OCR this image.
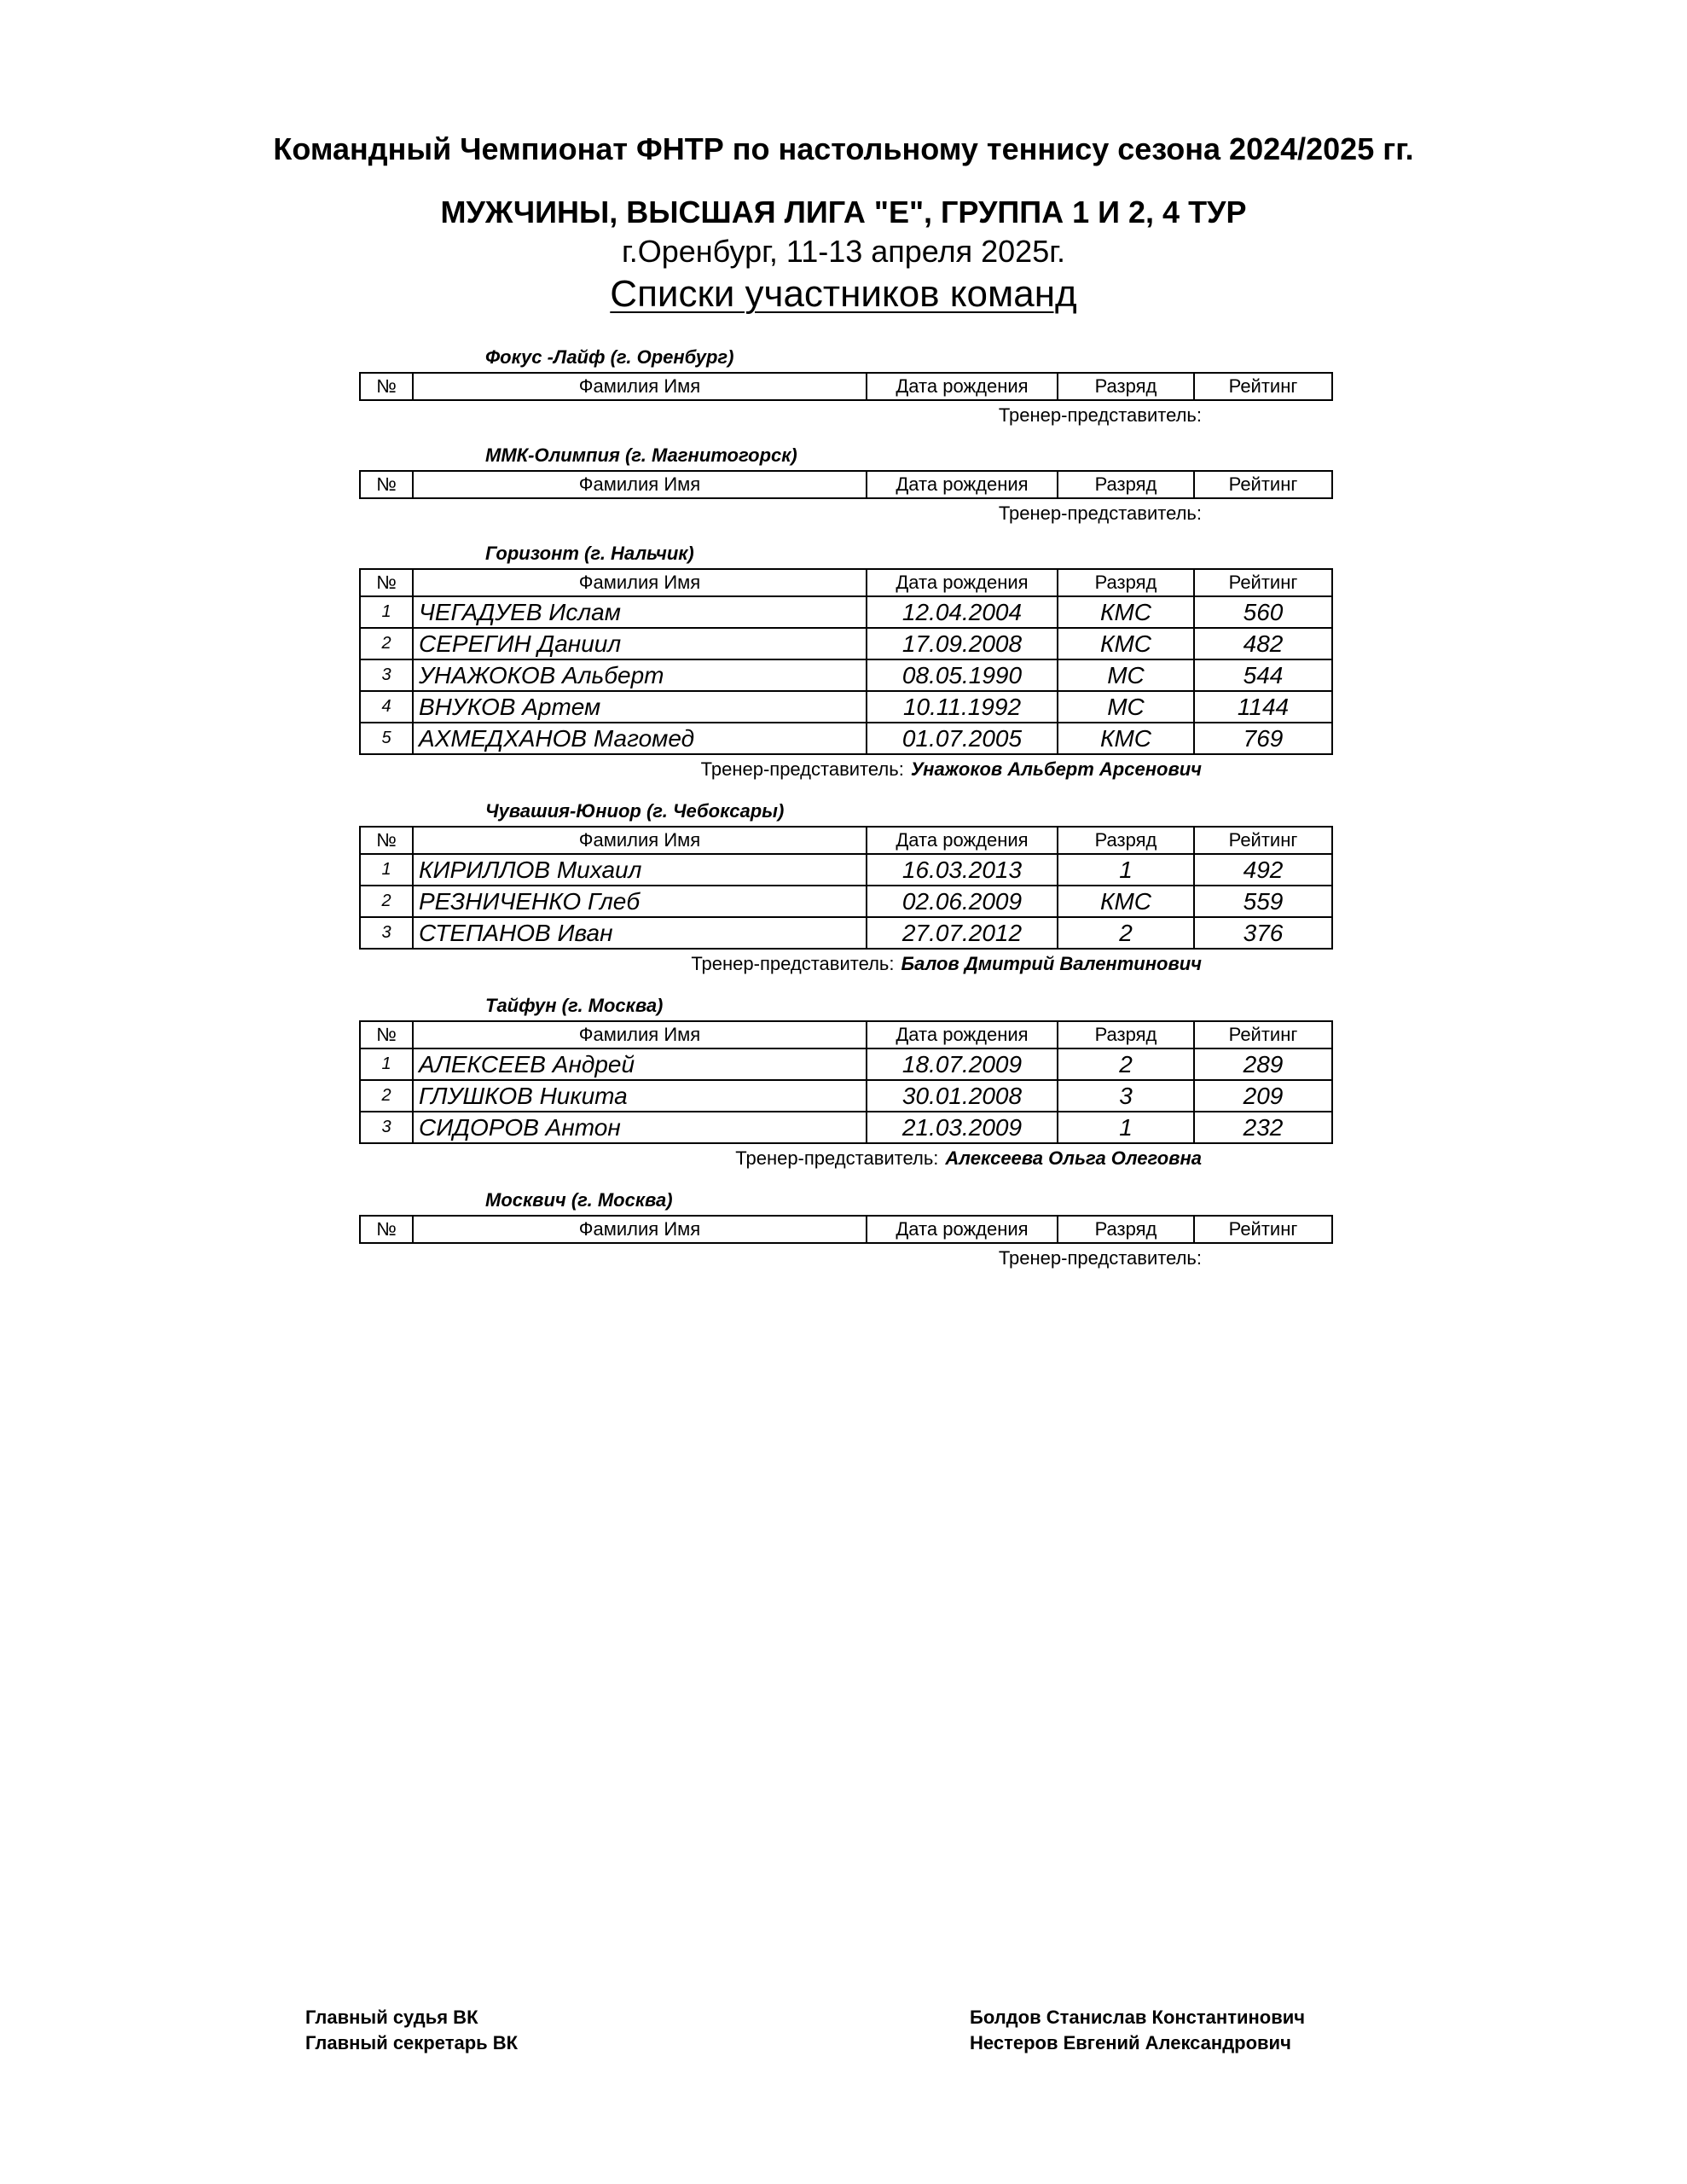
Командный Чемпионат ФНТР по настольному теннису сезона 2024/2025 гг.
МУЖЧИНЫ, ВЫСШАЯ ЛИГА "Е", ГРУППА 1 И 2, 4 ТУР
г.Оренбург, 11-13 апреля 2025г.
Списки участников команд
Фокус -Лайф (г. Оренбург)
№	Фамилия Имя	Дата рождения	Разряд	Рейтинг
Тренер-представитель:
ММК-Олимпия (г. Магнитогорск)
№	Фамилия Имя	Дата рождения	Разряд	Рейтинг
Тренер-представитель:
Горизонт (г. Нальчик)
№	Фамилия Имя	Дата рождения	Разряд	Рейтинг
1	ЧЕГАДУЕВ Ислам	12.04.2004	КМС	560
2	СЕРЕГИН Даниил	17.09.2008	КМС	482
3	УНАЖОКОВ Альберт	08.05.1990	МС	544
4	ВНУКОВ Артем	10.11.1992	МС	1144
5	АХМЕДХАНОВ Магомед	01.07.2005	КМС	769
Тренер-представитель: Унажоков Альберт Арсенович
Чувашия-Юниор (г. Чебоксары)
№	Фамилия Имя	Дата рождения	Разряд	Рейтинг
1	КИРИЛЛОВ Михаил	16.03.2013	1	492
2	РЕЗНИЧЕНКО Глеб	02.06.2009	КМС	559
3	СТЕПАНОВ Иван	27.07.2012	2	376
Тренер-представитель: Балов Дмитрий Валентинович
Тайфун (г. Москва)
№	Фамилия Имя	Дата рождения	Разряд	Рейтинг
1	АЛЕКСЕЕВ Андрей	18.07.2009	2	289
2	ГЛУШКОВ Никита	30.01.2008	3	209
3	СИДОРОВ Антон	21.03.2009	1	232
Тренер-представитель: Алексеева Ольга Олеговна
Москвич (г. Москва)
№	Фамилия Имя	Дата рождения	Разряд	Рейтинг
Тренер-представитель:
Главный судья ВК
Главный секретарь ВК
Болдов Станислав Константинович
Нестеров Евгений Александрович
